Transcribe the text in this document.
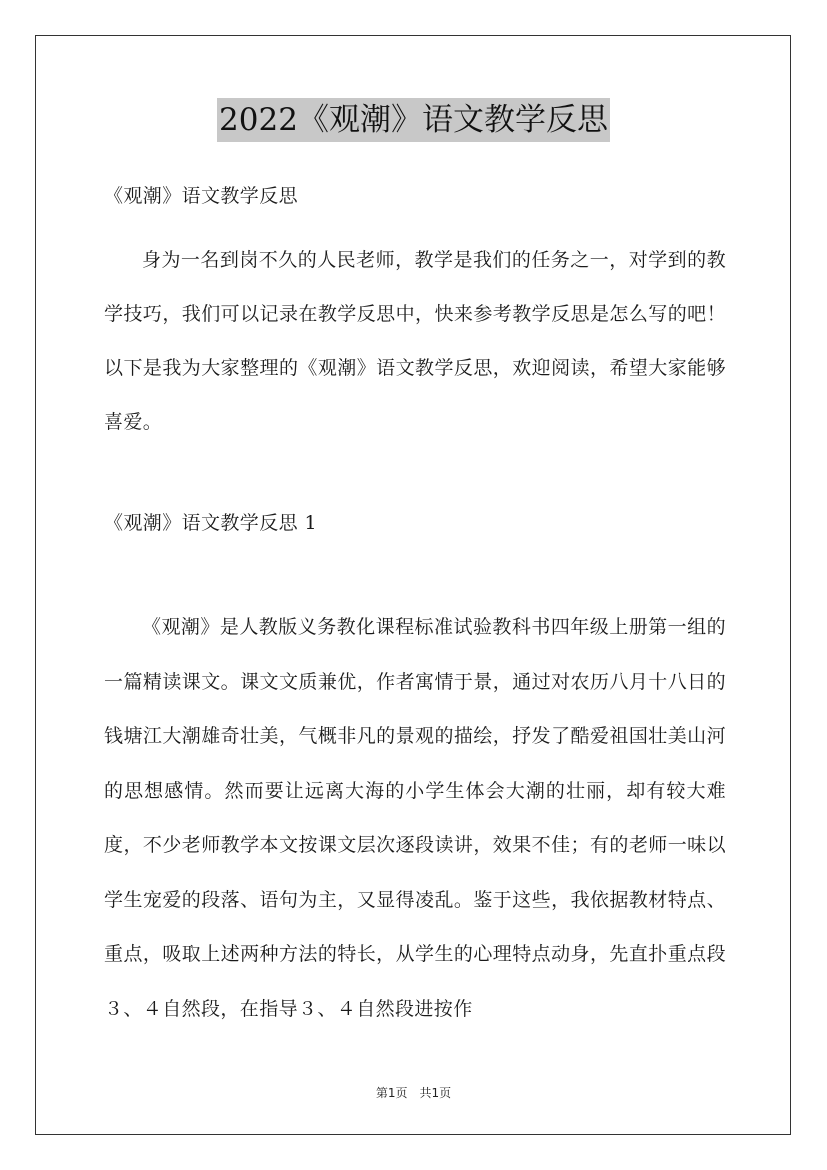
2022《观潮》语文教学反思
《观潮》语文教学反思

身为一名到岗不久的人民老师，教学是我们的任务之一，对学到的教学技巧，我们可以记录在教学反思中，快来参考教学反思是怎么写的吧！以下是我为大家整理的《观潮》语文教学反思，欢迎阅读，希望大家能够喜爱。

《观潮》语文教学反思 1

《观潮》是人教版义务教化课程标准试验教科书四年级上册第一组的一篇精读课文。课文文质兼优，作者寓情于景，通过对农历八月十八日的钱塘江大潮雄奇壮美，气概非凡的景观的描绘，抒发了酷爱祖国壮美山河的思想感情。然而要让远离大海的小学生体会大潮的壮丽，却有较大难度，不少老师教学本文按课文层次逐段读讲，效果不佳；有的老师一味以学生宠爱的段落、语句为主，又显得凌乱。鉴于这些，我依据教材特点、重点，吸取上述两种方法的特长，从学生的心理特点动身，先直扑重点段３、４自然段，在指导３、４自然段进按作

第1页　共1页
